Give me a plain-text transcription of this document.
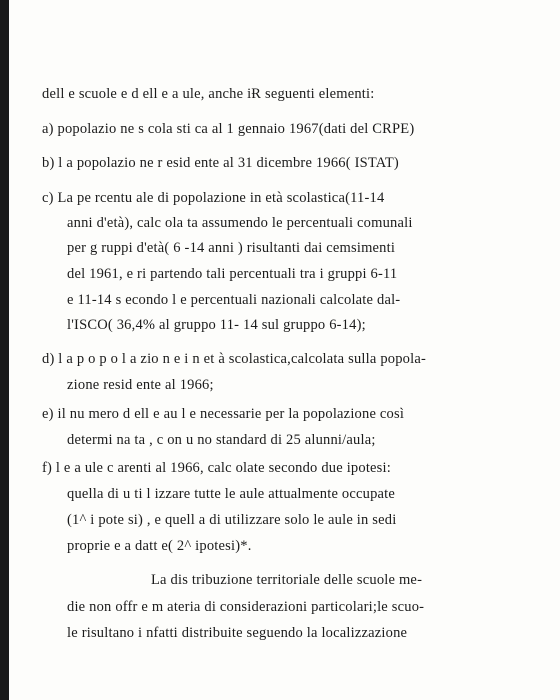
dell e scuole e d ell e a ule, anche iɌ seguenti elementi:
a) popolazio ne s cola sti ca al 1 gennaio 1967(dati del CRPE)
b) l a popolazio ne r esid ente al 31 dicembre 1966( ISTAT)
c) La pe rcentu ale di popolazione in età scolastica(11-14
anni d'età), calc ola ta assumendo le percentuali comunali
per g ruppi d'età( 6 -14 anni ) risultanti dai cemsimenti
del 1961, e ri partendo tali percentuali tra i gruppi 6-11
e 11-14 s econdo l e percentuali nazionali calcolate dal-
l'ISCO( 36,4% al gruppo 11- 14 sul gruppo 6-14);
d) l a p o p o l a zio n e i n et à scolastica,calcolata sulla popola-
zione resid ente al 1966;
e) il nu mero d ell e au l e necessarie per la popolazione così
determi na ta , c on u no standard di 25 alunni/aula;
f) l e a ule c arenti al 1966, calc olate secondo due ipotesi:
quella di u ti l izzare tutte le aule attualmente occupate
(1^ i pote si) , e quell a di utilizzare solo le aule in sedi
proprie e a datt e( 2^ ipotesi)*.
La dis tribuzione territoriale delle scuole me-
die non offr e m ateria di considerazioni particolari;le scuo-
le risultano i nfatti distribuite seguendo la localizzazione
